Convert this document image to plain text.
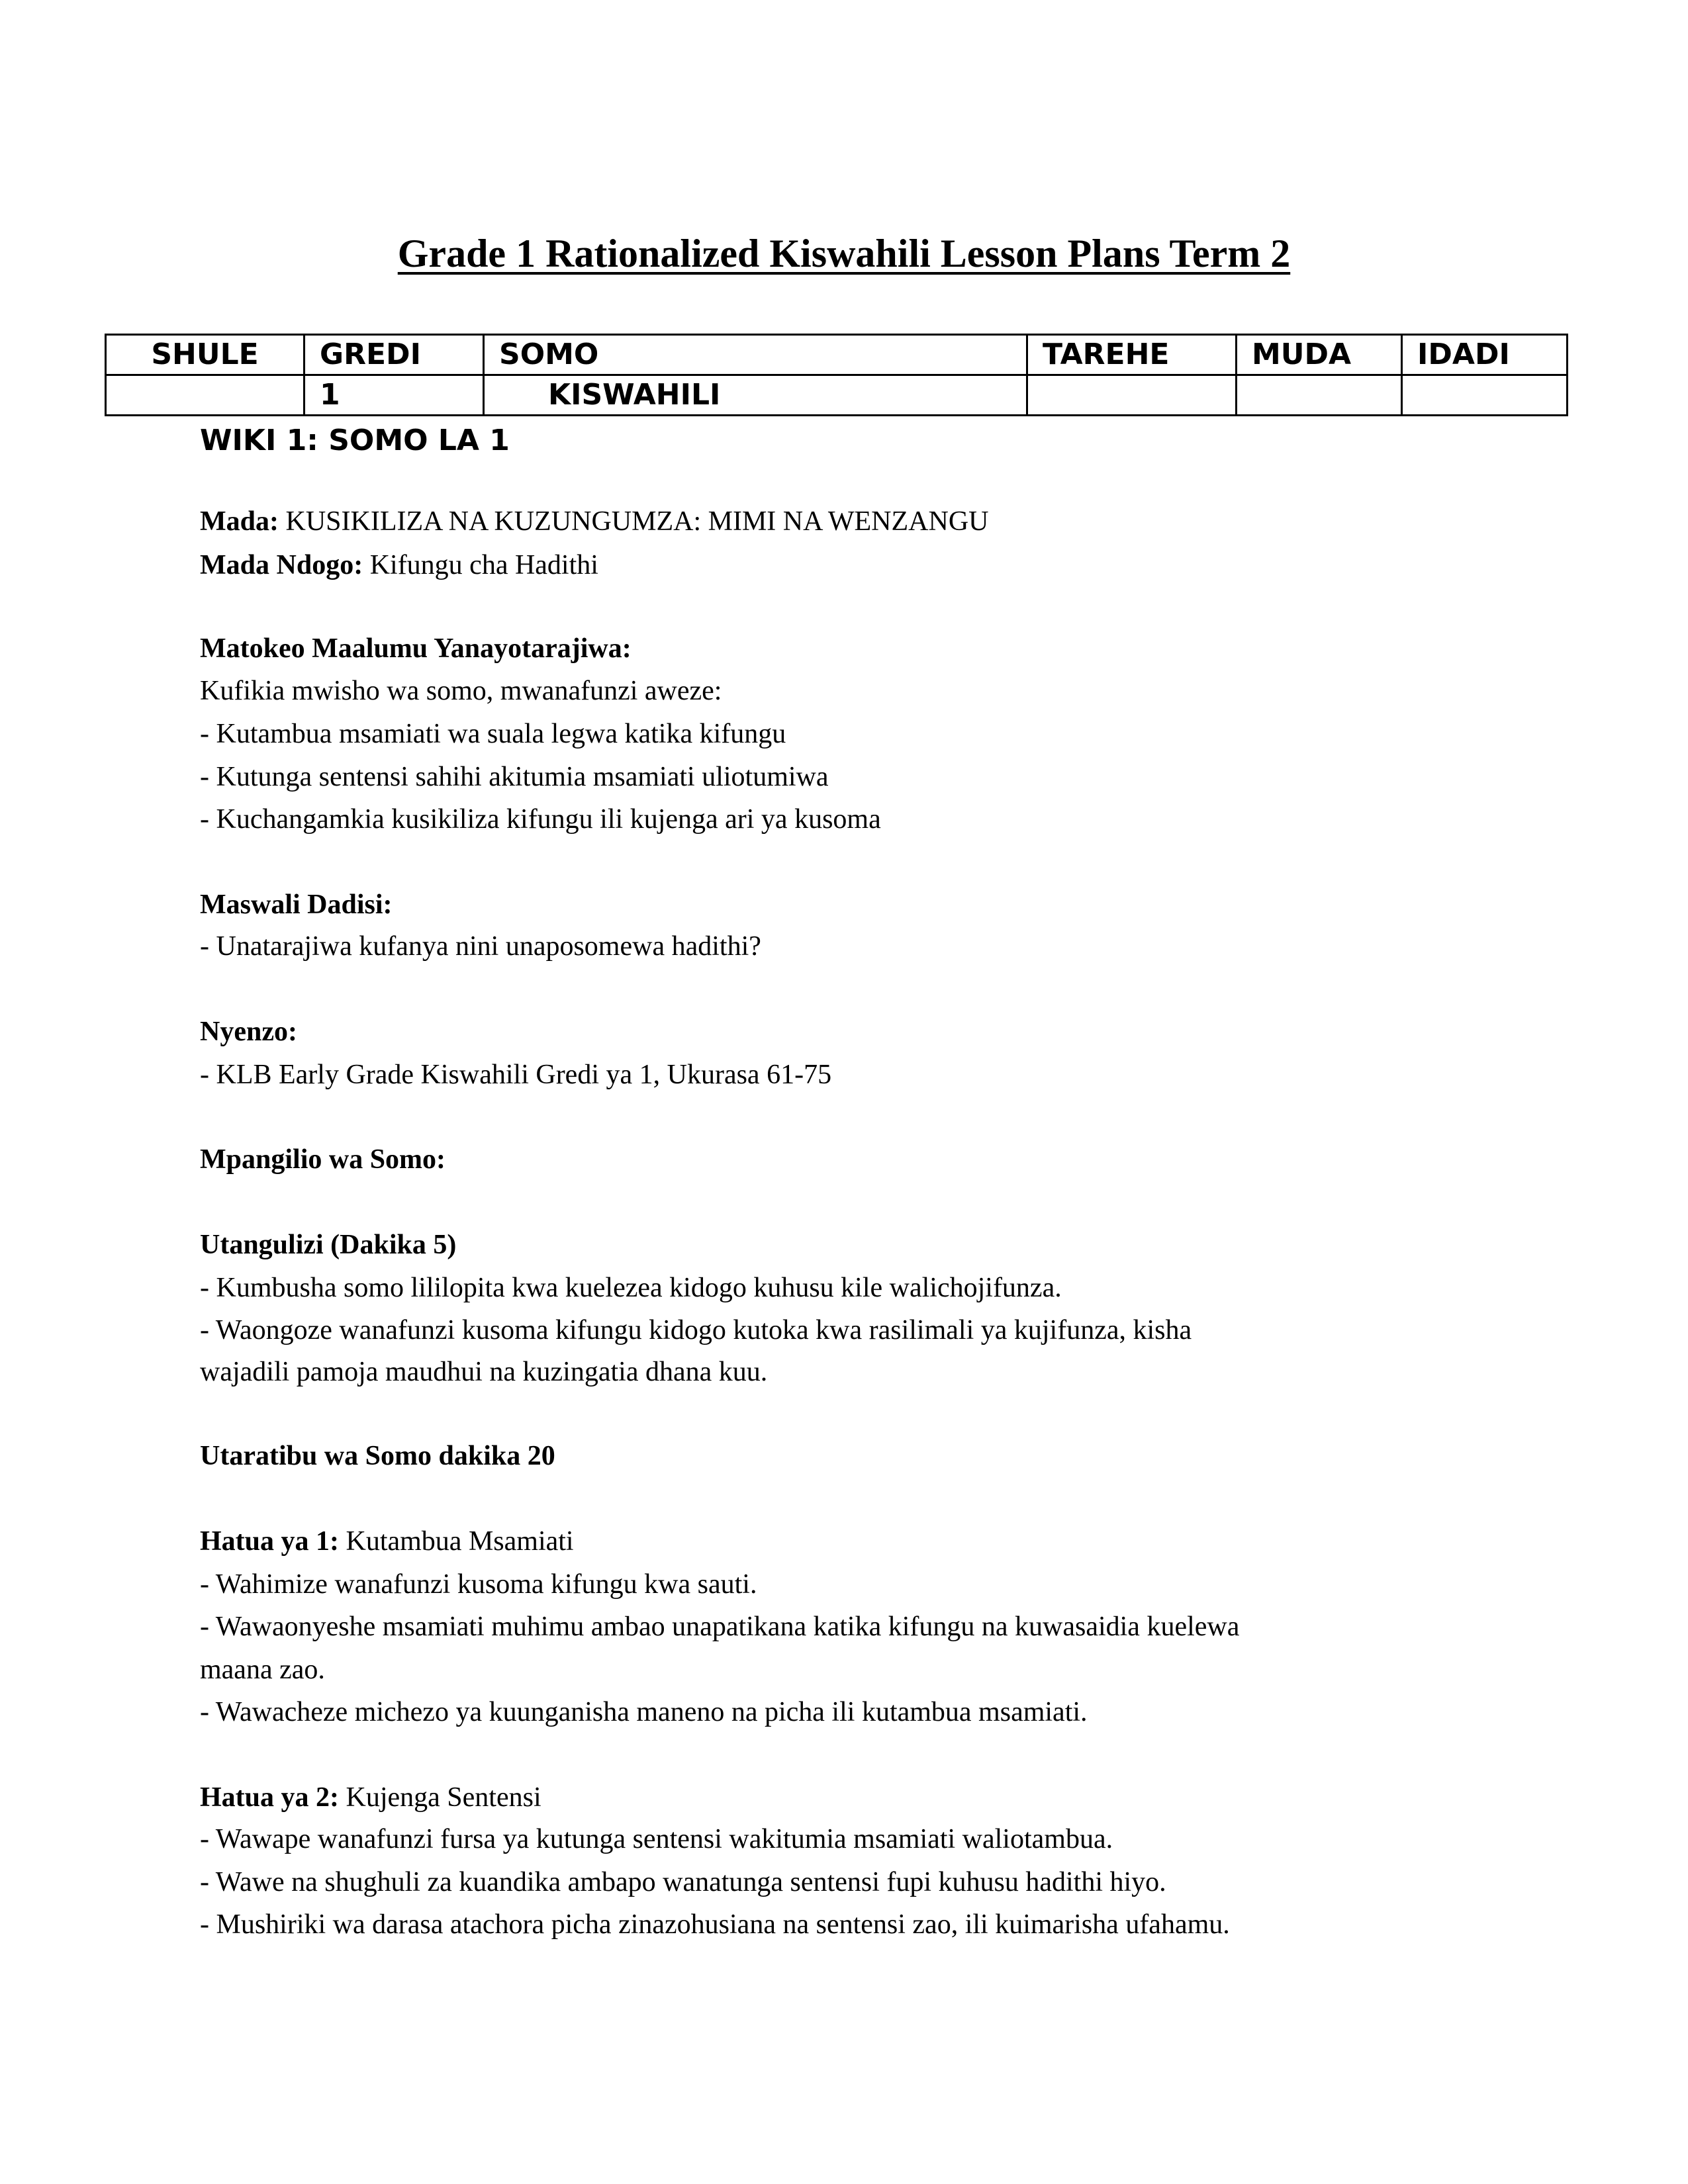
Grade 1 Rationalized Kiswahili Lesson Plans Term 2
SHULE	GREDI	SOMO	TAREHE	MUDA	IDADI
	1	KISWAHILI			
WIKI 1: SOMO LA 1
Mada: KUSIKILIZA NA KUZUNGUMZA: MIMI NA WENZANGU
Mada Ndogo: Kifungu cha Hadithi
Matokeo Maalumu Yanayotarajiwa:
Kufikia mwisho wa somo, mwanafunzi aweze:
- Kutambua msamiati wa suala legwa katika kifungu
- Kutunga sentensi sahihi akitumia msamiati uliotumiwa
- Kuchangamkia kusikiliza kifungu ili kujenga ari ya kusoma
Maswali Dadisi:
- Unatarajiwa kufanya nini unaposomewa hadithi?
Nyenzo:
- KLB Early Grade Kiswahili Gredi ya 1, Ukurasa 61-75
Mpangilio wa Somo:
Utangulizi (Dakika 5)
- Kumbusha somo lililopita kwa kuelezea kidogo kuhusu kile walichojifunza.
- Waongoze wanafunzi kusoma kifungu kidogo kutoka kwa rasilimali ya kujifunza, kisha
wajadili pamoja maudhui na kuzingatia dhana kuu.
Utaratibu wa Somo dakika 20
Hatua ya 1: Kutambua Msamiati
- Wahimize wanafunzi kusoma kifungu kwa sauti.
- Wawaonyeshe msamiati muhimu ambao unapatikana katika kifungu na kuwasaidia kuelewa
maana zao.
- Wawacheze michezo ya kuunganisha maneno na picha ili kutambua msamiati.
Hatua ya 2: Kujenga Sentensi
- Wawape wanafunzi fursa ya kutunga sentensi wakitumia msamiati waliotambua.
- Wawe na shughuli za kuandika ambapo wanatunga sentensi fupi kuhusu hadithi hiyo.
- Mushiriki wa darasa atachora picha zinazohusiana na sentensi zao, ili kuimarisha ufahamu.
